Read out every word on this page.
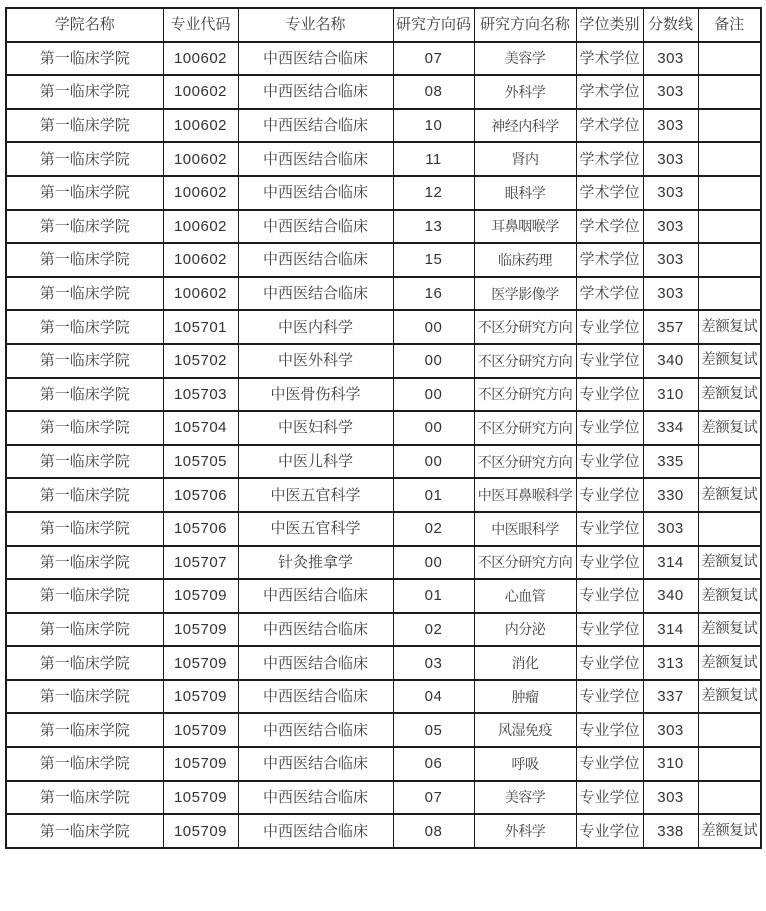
学院名称	专业代码	专业名称	研究方向码	研究方向名称	学位类别	分数线	备注
第一临床学院	100602	中西医结合临床	07	美容学	学术学位	303	
第一临床学院	100602	中西医结合临床	08	外科学	学术学位	303	
第一临床学院	100602	中西医结合临床	10	神经内科学	学术学位	303	
第一临床学院	100602	中西医结合临床	11	肾内	学术学位	303	
第一临床学院	100602	中西医结合临床	12	眼科学	学术学位	303	
第一临床学院	100602	中西医结合临床	13	耳鼻咽喉学	学术学位	303	
第一临床学院	100602	中西医结合临床	15	临床药理	学术学位	303	
第一临床学院	100602	中西医结合临床	16	医学影像学	学术学位	303	
第一临床学院	105701	中医内科学	00	不区分研究方向	专业学位	357	差额复试
第一临床学院	105702	中医外科学	00	不区分研究方向	专业学位	340	差额复试
第一临床学院	105703	中医骨伤科学	00	不区分研究方向	专业学位	310	差额复试
第一临床学院	105704	中医妇科学	00	不区分研究方向	专业学位	334	差额复试
第一临床学院	105705	中医儿科学	00	不区分研究方向	专业学位	335	
第一临床学院	105706	中医五官科学	01	中医耳鼻喉科学	专业学位	330	差额复试
第一临床学院	105706	中医五官科学	02	中医眼科学	专业学位	303	
第一临床学院	105707	针灸推拿学	00	不区分研究方向	专业学位	314	差额复试
第一临床学院	105709	中西医结合临床	01	心血管	专业学位	340	差额复试
第一临床学院	105709	中西医结合临床	02	内分泌	专业学位	314	差额复试
第一临床学院	105709	中西医结合临床	03	消化	专业学位	313	差额复试
第一临床学院	105709	中西医结合临床	04	肿瘤	专业学位	337	差额复试
第一临床学院	105709	中西医结合临床	05	风湿免疫	专业学位	303	
第一临床学院	105709	中西医结合临床	06	呼吸	专业学位	310	
第一临床学院	105709	中西医结合临床	07	美容学	专业学位	303	
第一临床学院	105709	中西医结合临床	08	外科学	专业学位	338	差额复试
